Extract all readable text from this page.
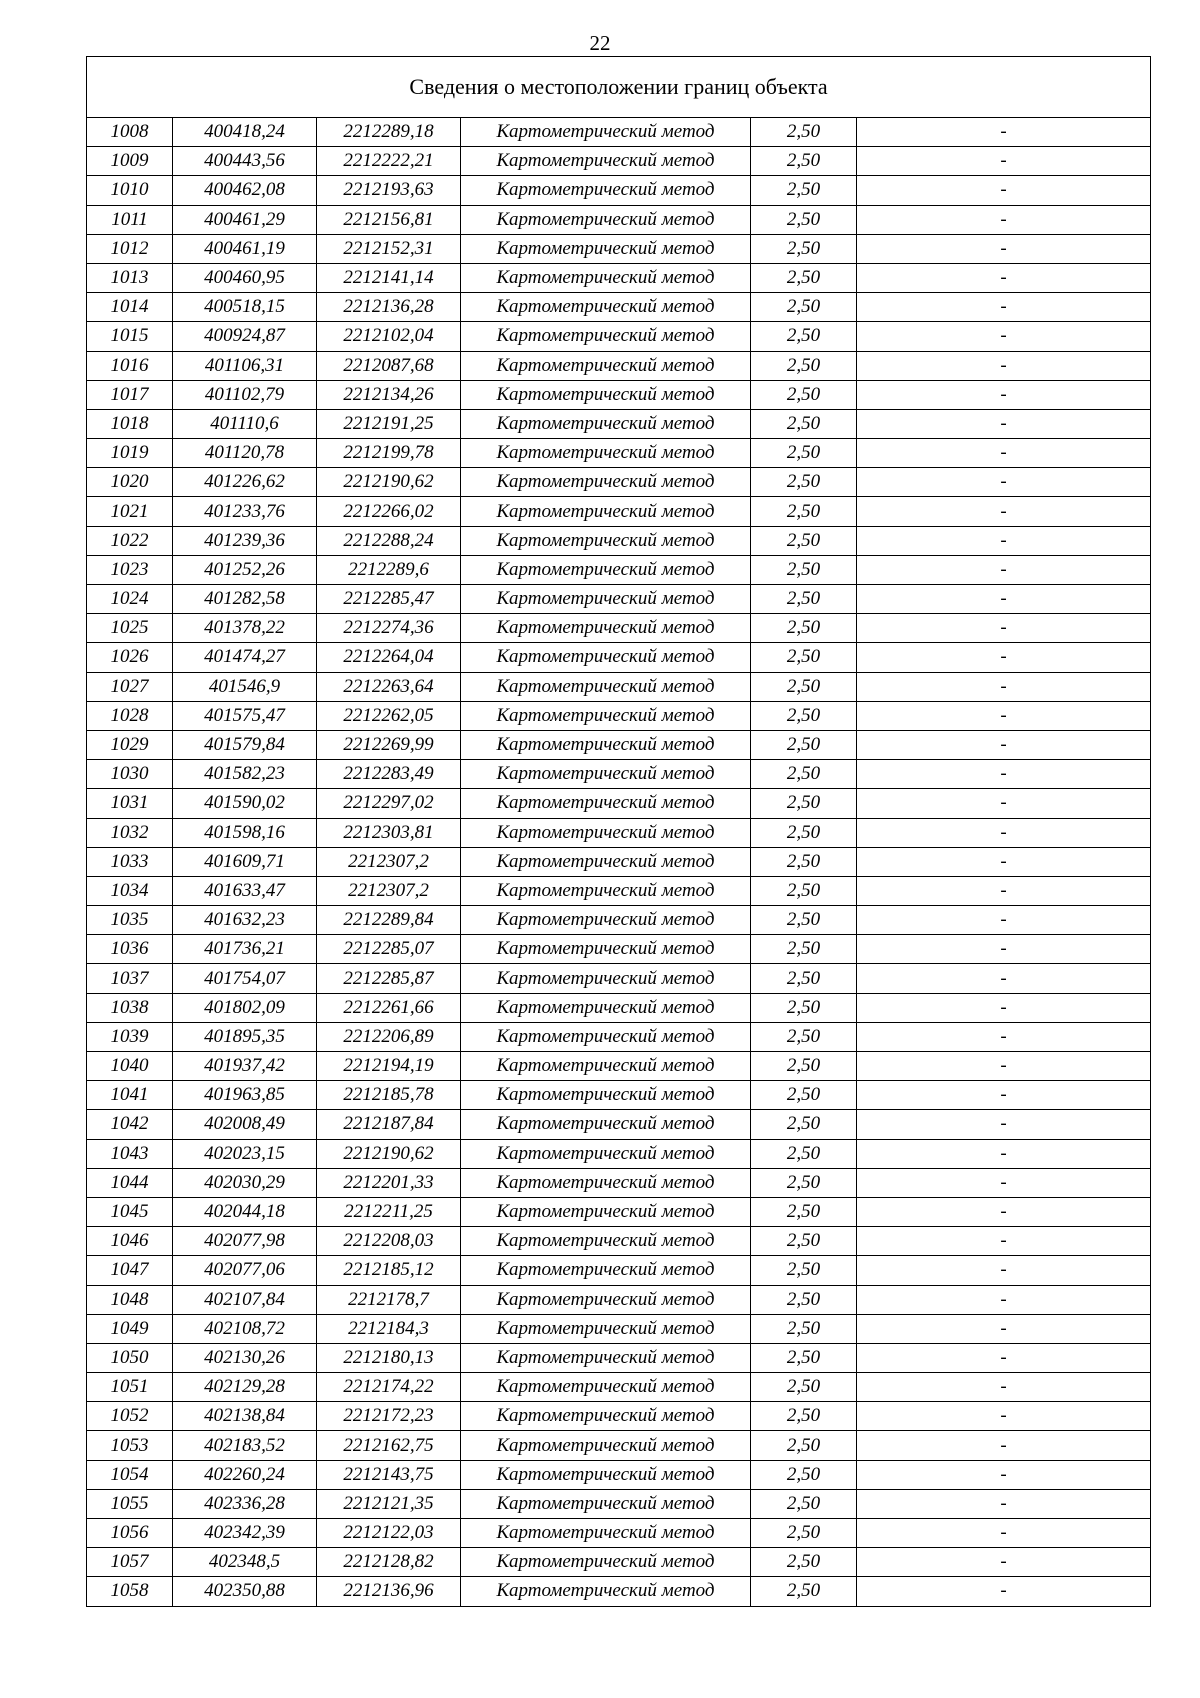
22
Сведения о местоположении границ объекта					
1008	400418,24	2212289,18	Картометрический метод	2,50	-
1009	400443,56	2212222,21	Картометрический метод	2,50	-
1010	400462,08	2212193,63	Картометрический метод	2,50	-
1011	400461,29	2212156,81	Картометрический метод	2,50	-
1012	400461,19	2212152,31	Картометрический метод	2,50	-
1013	400460,95	2212141,14	Картометрический метод	2,50	-
1014	400518,15	2212136,28	Картометрический метод	2,50	-
1015	400924,87	2212102,04	Картометрический метод	2,50	-
1016	401106,31	2212087,68	Картометрический метод	2,50	-
1017	401102,79	2212134,26	Картометрический метод	2,50	-
1018	401110,6	2212191,25	Картометрический метод	2,50	-
1019	401120,78	2212199,78	Картометрический метод	2,50	-
1020	401226,62	2212190,62	Картометрический метод	2,50	-
1021	401233,76	2212266,02	Картометрический метод	2,50	-
1022	401239,36	2212288,24	Картометрический метод	2,50	-
1023	401252,26	2212289,6	Картометрический метод	2,50	-
1024	401282,58	2212285,47	Картометрический метод	2,50	-
1025	401378,22	2212274,36	Картометрический метод	2,50	-
1026	401474,27	2212264,04	Картометрический метод	2,50	-
1027	401546,9	2212263,64	Картометрический метод	2,50	-
1028	401575,47	2212262,05	Картометрический метод	2,50	-
1029	401579,84	2212269,99	Картометрический метод	2,50	-
1030	401582,23	2212283,49	Картометрический метод	2,50	-
1031	401590,02	2212297,02	Картометрический метод	2,50	-
1032	401598,16	2212303,81	Картометрический метод	2,50	-
1033	401609,71	2212307,2	Картометрический метод	2,50	-
1034	401633,47	2212307,2	Картометрический метод	2,50	-
1035	401632,23	2212289,84	Картометрический метод	2,50	-
1036	401736,21	2212285,07	Картометрический метод	2,50	-
1037	401754,07	2212285,87	Картометрический метод	2,50	-
1038	401802,09	2212261,66	Картометрический метод	2,50	-
1039	401895,35	2212206,89	Картометрический метод	2,50	-
1040	401937,42	2212194,19	Картометрический метод	2,50	-
1041	401963,85	2212185,78	Картометрический метод	2,50	-
1042	402008,49	2212187,84	Картометрический метод	2,50	-
1043	402023,15	2212190,62	Картометрический метод	2,50	-
1044	402030,29	2212201,33	Картометрический метод	2,50	-
1045	402044,18	2212211,25	Картометрический метод	2,50	-
1046	402077,98	2212208,03	Картометрический метод	2,50	-
1047	402077,06	2212185,12	Картометрический метод	2,50	-
1048	402107,84	2212178,7	Картометрический метод	2,50	-
1049	402108,72	2212184,3	Картометрический метод	2,50	-
1050	402130,26	2212180,13	Картометрический метод	2,50	-
1051	402129,28	2212174,22	Картометрический метод	2,50	-
1052	402138,84	2212172,23	Картометрический метод	2,50	-
1053	402183,52	2212162,75	Картометрический метод	2,50	-
1054	402260,24	2212143,75	Картометрический метод	2,50	-
1055	402336,28	2212121,35	Картометрический метод	2,50	-
1056	402342,39	2212122,03	Картометрический метод	2,50	-
1057	402348,5	2212128,82	Картометрический метод	2,50	-
1058	402350,88	2212136,96	Картометрический метод	2,50	-
